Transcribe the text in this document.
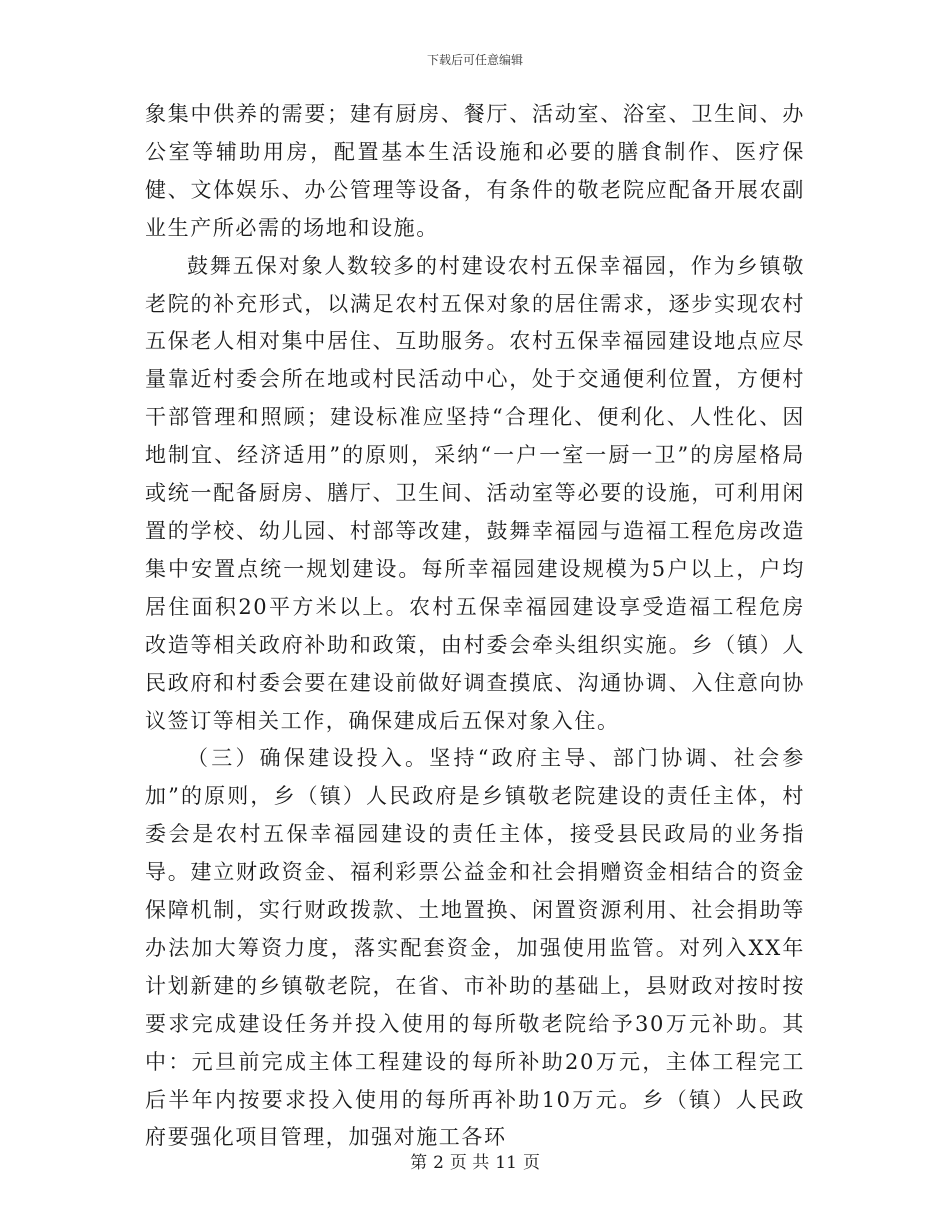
下载后可任意编辑

象集中供养的需要；建有厨房、餐厅、活动室、浴室、卫生间、办公室等辅助用房，配置基本生活设施和必要的膳食制作、医疗保健、文体娱乐、办公管理等设备，有条件的敬老院应配备开展农副业生产所必需的场地和设施。

鼓舞五保对象人数较多的村建设农村五保幸福园，作为乡镇敬老院的补充形式，以满足农村五保对象的居住需求，逐步实现农村五保老人相对集中居住、互助服务。农村五保幸福园建设地点应尽量靠近村委会所在地或村民活动中心，处于交通便利位置，方便村干部管理和照顾；建设标准应坚持“合理化、便利化、人性化、因地制宜、经济适用”的原则，采纳“一户一室一厨一卫”的房屋格局或统一配备厨房、膳厅、卫生间、活动室等必要的设施，可利用闲置的学校、幼儿园、村部等改建，鼓舞幸福园与造福工程危房改造集中安置点统一规划建设。每所幸福园建设规模为5户以上，户均居住面积20平方米以上。农村五保幸福园建设享受造福工程危房改造等相关政府补助和政策，由村委会牵头组织实施。乡（镇）人民政府和村委会要在建设前做好调查摸底、沟通协调、入住意向协议签订等相关工作，确保建成后五保对象入住。

（三）确保建设投入。坚持“政府主导、部门协调、社会参加”的原则，乡（镇）人民政府是乡镇敬老院建设的责任主体，村委会是农村五保幸福园建设的责任主体，接受县民政局的业务指导。建立财政资金、福利彩票公益金和社会捐赠资金相结合的资金保障机制，实行财政拨款、土地置换、闲置资源利用、社会捐助等办法加大筹资力度，落实配套资金，加强使用监管。对列入XX年计划新建的乡镇敬老院，在省、市补助的基础上，县财政对按时按要求完成建设任务并投入使用的每所敬老院给予30万元补助。其中：元旦前完成主体工程建设的每所补助20万元，主体工程完工后半年内按要求投入使用的每所再补助10万元。乡（镇）人民政府要强化项目管理，加强对施工各环

第 2 页 共 11 页
